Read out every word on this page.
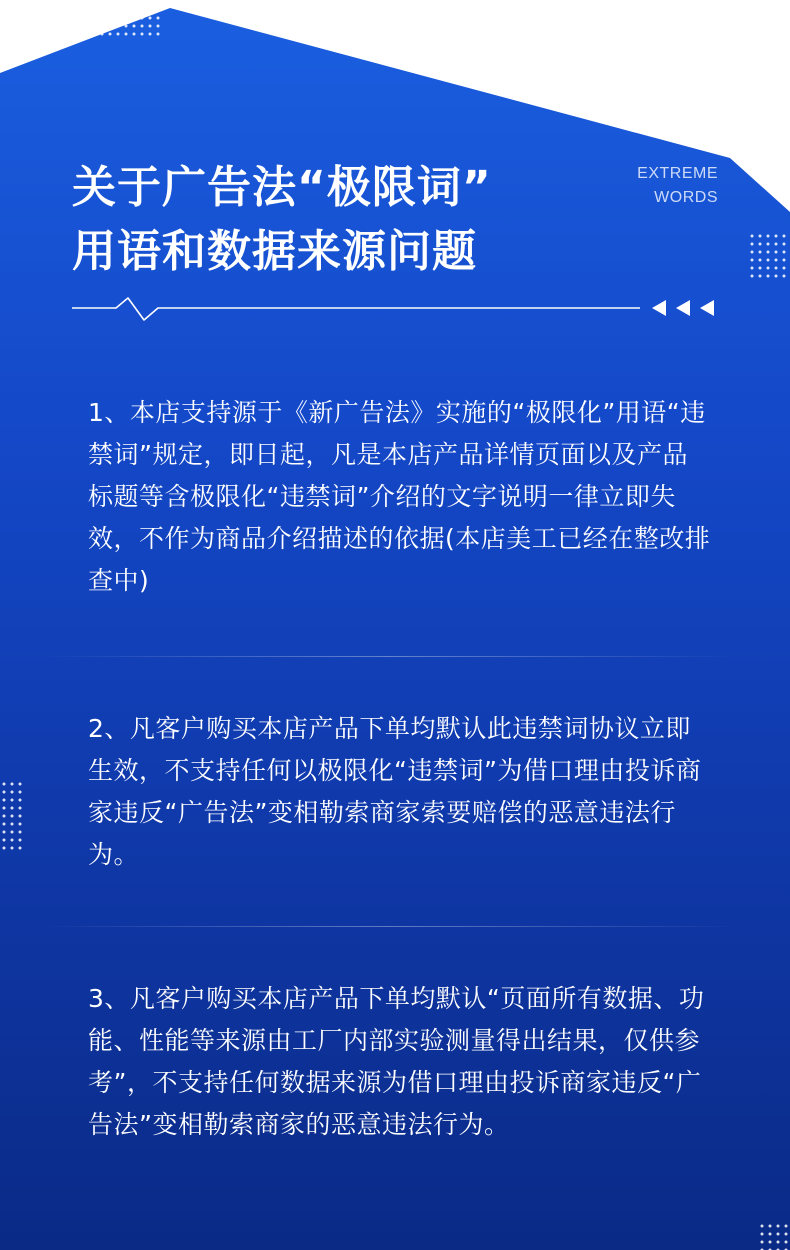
关于广告法“极限词”
用语和数据来源问题
EXTREME
WORDS

1、本店支持源于《新广告法》实施的“极限化”用语“违禁词”规定，即日起，凡是本店产品详情页面以及产品标题等含极限化“违禁词”介绍的文字说明一律立即失效，不作为商品介绍描述的依据(本店美工已经在整改排查中)

2、凡客户购买本店产品下单均默认此违禁词协议立即生效，不支持任何以极限化“违禁词”为借口理由投诉商家违反“广告法”变相勒索商家索要赔偿的恶意违法行为。

3、凡客户购买本店产品下单均默认“页面所有数据、功能、性能等来源由工厂内部实验测量得出结果，仅供参考”，不支持任何数据来源为借口理由投诉商家违反“广告法”变相勒索商家的恶意违法行为。
